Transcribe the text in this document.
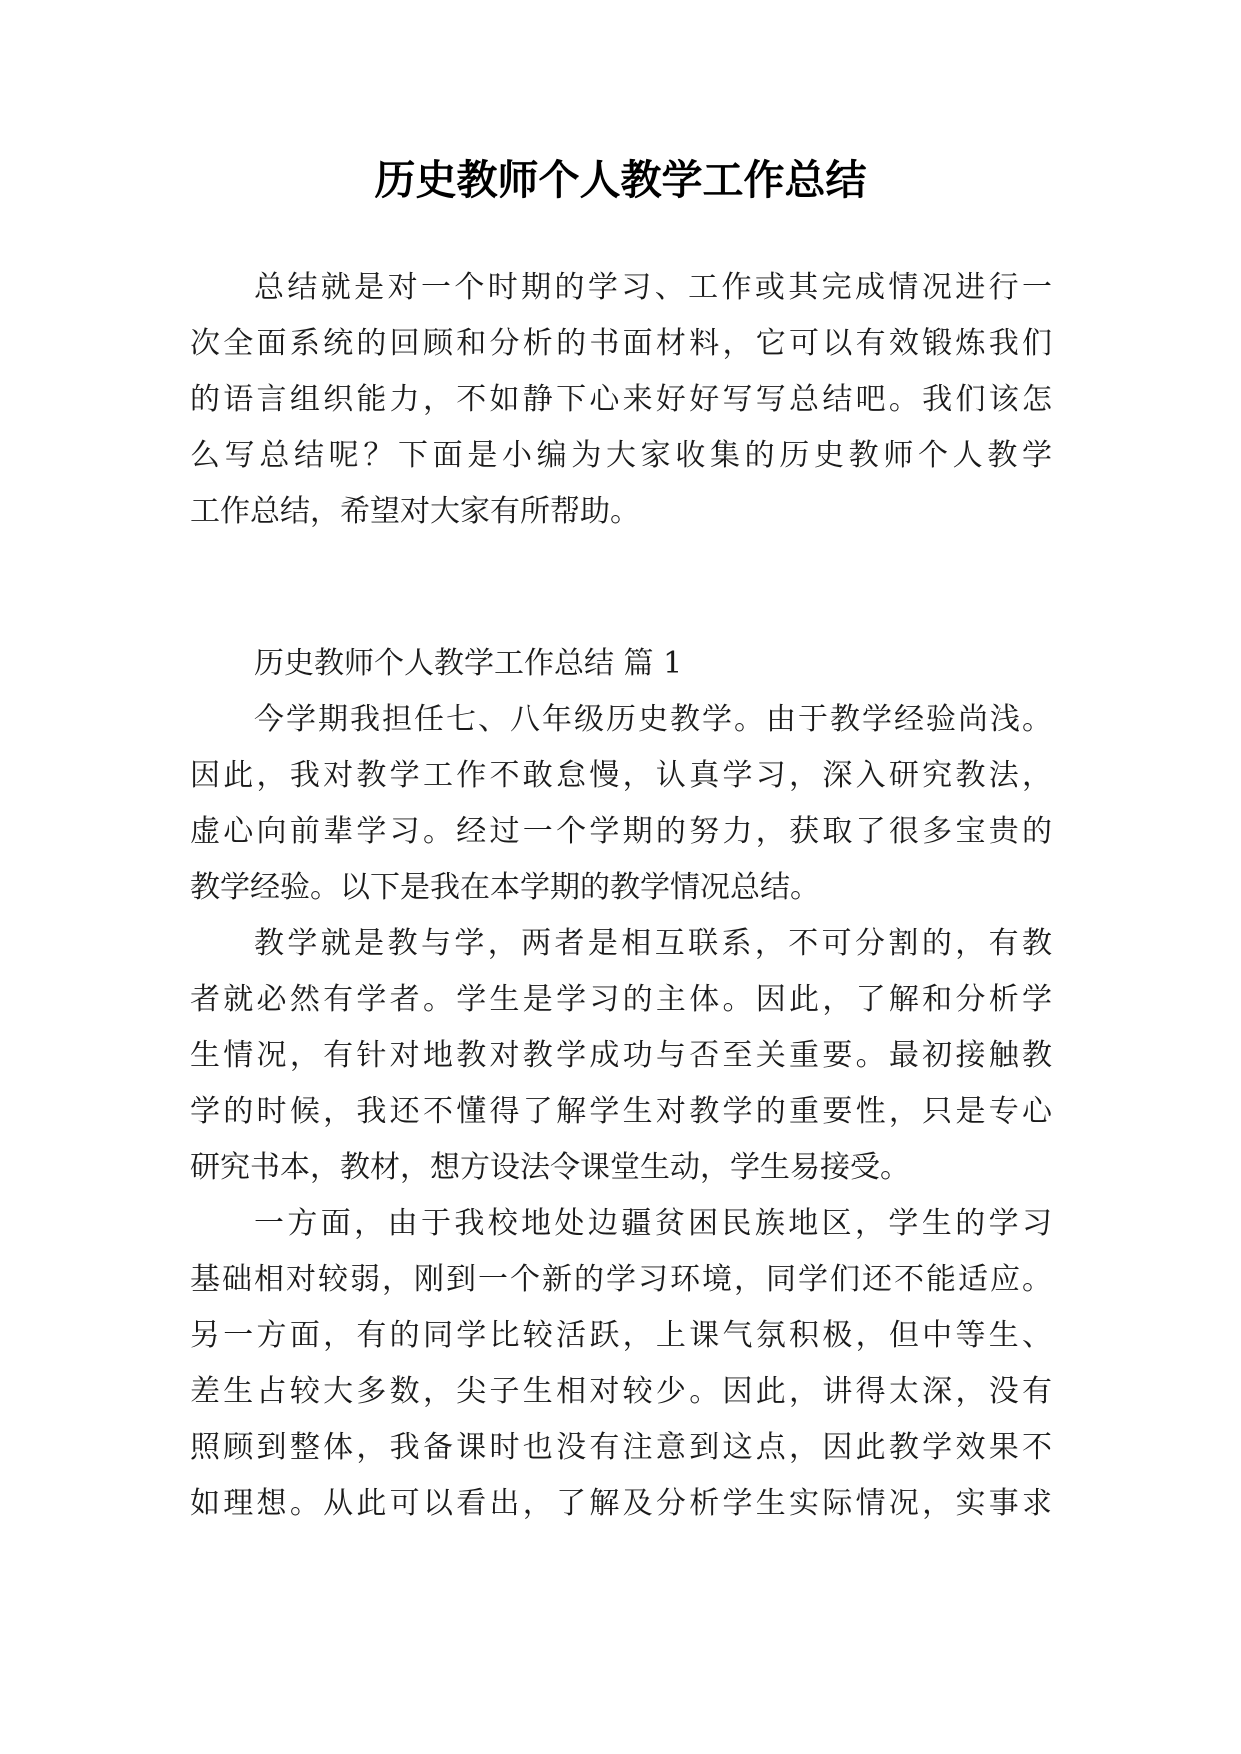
历史教师个人教学工作总结
总结就是对一个时期的学习、工作或其完成情况进行一
次全面系统的回顾和分析的书面材料，它可以有效锻炼我们
的语言组织能力，不如静下心来好好写写总结吧。我们该怎
么写总结呢？下面是小编为大家收集的历史教师个人教学
工作总结，希望对大家有所帮助。
历史教师个人教学工作总结 篇 1
今学期我担任七、八年级历史教学。由于教学经验尚浅。
因此，我对教学工作不敢怠慢，认真学习，深入研究教法，
虚心向前辈学习。经过一个学期的努力，获取了很多宝贵的
教学经验。以下是我在本学期的教学情况总结。
教学就是教与学，两者是相互联系，不可分割的，有教
者就必然有学者。学生是学习的主体。因此，了解和分析学
生情况，有针对地教对教学成功与否至关重要。最初接触教
学的时候，我还不懂得了解学生对教学的重要性，只是专心
研究书本，教材，想方设法令课堂生动，学生易接受。
一方面，由于我校地处边疆贫困民族地区，学生的学习
基础相对较弱，刚到一个新的学习环境，同学们还不能适应。
另一方面，有的同学比较活跃，上课气氛积极，但中等生、
差生占较大多数，尖子生相对较少。因此，讲得太深，没有
照顾到整体，我备课时也没有注意到这点，因此教学效果不
如理想。从此可以看出，了解及分析学生实际情况，实事求
